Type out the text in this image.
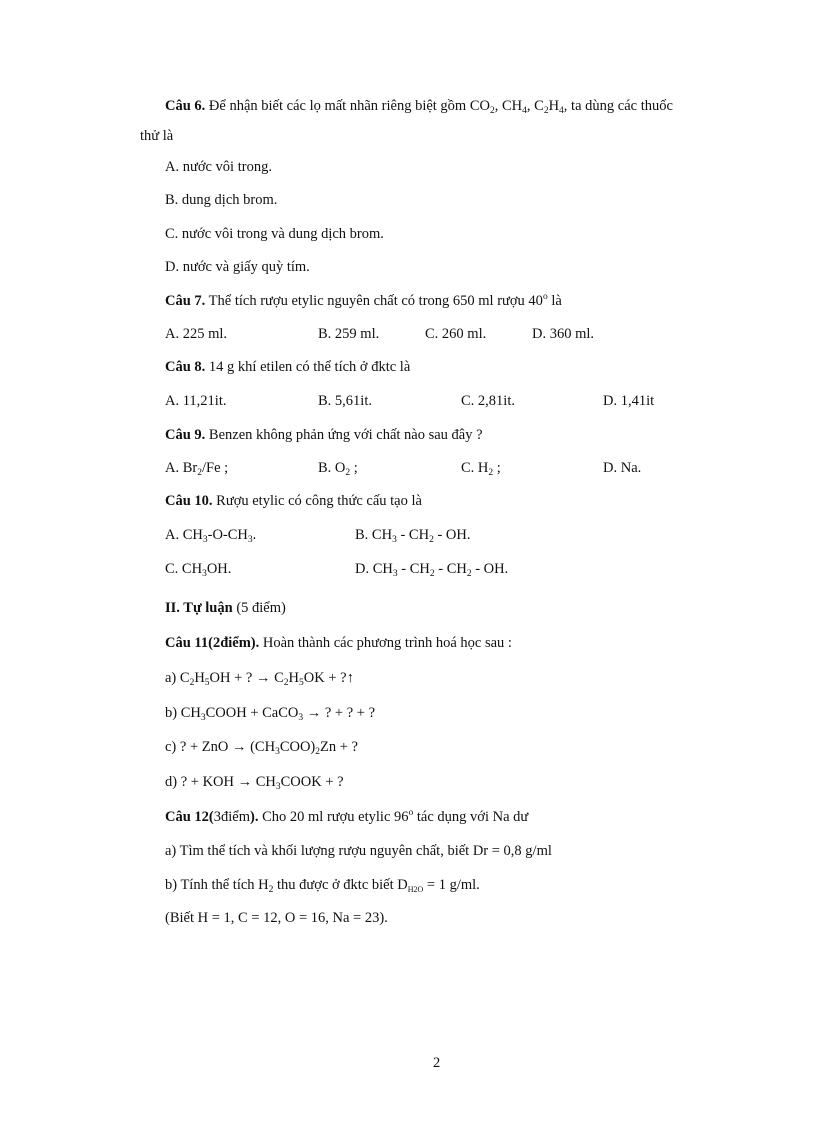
Câu 6. Để nhận biết các lọ mất nhãn riêng biệt gồm $CO_2$, $CH_4$, $C_2H_4$, ta dùng các thuốc
thử là
A. nước vôi trong.
B. dung dịch brom.
C. nước vôi trong và dung dịch brom.
D. nước và giấy quỳ tím.
Câu 7. Thể tích rượu etylic nguyên chất có trong 650 ml rượu 40$^o$ là
A. 225 ml.	B. 259 ml.	C. 260 ml.	D. 360 ml.
Câu 8. 14 g khí etilen có thể tích ở đktc là
A. 11,21it.	B. 5,61it.	C. 2,81it.	D. 1,41it
Câu 9. Benzen không phản ứng với chất nào sau đây ?
A. $Br_2/Fe$ ;	B. $O_2$ ;	C. $H_2$ ;	D. Na.
Câu 10. Rượu etylic có công thức cấu tạo là
A. $CH_3-O-CH_3$.	B. $CH_3 - CH_2$ - OH.
C. $CH_3OH$.	D. $CH_3 - CH_2 - CH_2$ - OH.
II. Tự luận (5 điểm)
Câu 11(2điểm). Hoàn thành các phương trình hoá học sau :
a) $C_2H_5OH$ + ? → $C_2H_5OK$ + ?↑
b) $CH_3COOH$ + CaCO$_3$ → ? + ? + ?
c) ? + ZnO → $(CH_3COO)_2Zn$ + ?
d) ? + KOH → $CH_3COOK$ + ?
Câu 12(3điểm). Cho 20 ml rượu etylic 96$^o$ tác dụng với Na dư
a) Tìm thể tích và khối lượng rượu nguyên chất, biết Dr = 0,8 g/ml
b) Tính thể tích $H_2$ thu được ở đktc biết $D_{H2O} = 1$ g/ml.
(Biết H = 1, C = 12, O = 16, Na = 23).
2
